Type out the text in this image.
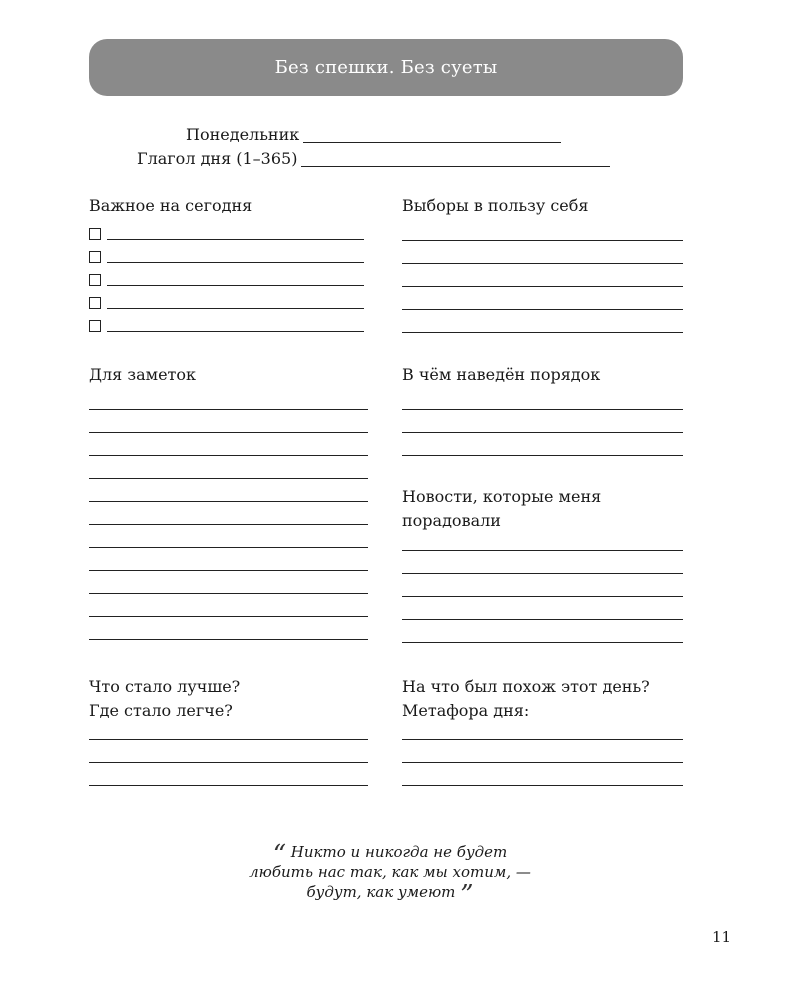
Без спешки. Без суеты
Понедельник
Глагол дня (1–365)
Важное на сегодня	Выборы в пользу себя
Для заметок	В чём наведён порядок
Новости, которые меня
порадовали
Что стало лучше?
Где стало легче?
На что был похож этот день?
Метафора дня:
“ Никто и никогда не будет
любить нас так, как мы хотим, —
будут, как умеют ”
11
